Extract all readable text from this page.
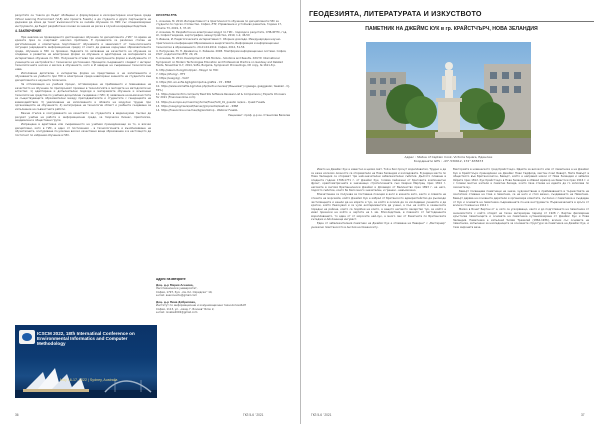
резултати он тоакса до бъдат обобщени и формулирани в изскоректирани конктрена среда Virtual Learning Environment (VLE) или проекта FuseCL) а да студента и други партньорите на държави да може да течат възможностите за онлайн обучение по ПИС със специализирани инструменти, да бъдат разработени основи за знания на риска в случай на вредящи бедствия.

4. ЗАКЛЮЧЕНИЕ

При анализа на провежданото дистанционно обучение по дисциплината „ГИС“ по време на кризата през се очертават няколко проблема. Е проявилата се различна степен на дигитализация и компютърна подготвеност обучаемите и зависимост от технологичната ситуация (наредената информационна среда) от които да даване карнузини образователните среди, обучение в ГИС са промени. Задачите по запазване на качеството на обучение за следване и развитие на електронни форми за обучение и адаптиране на материалите за интерактивно обучение по ГИС. Получените отзиви при електронните форми е въобумените от учениците на настройката с технически достижения. Принципи създаването следват с интерес технологичната насока и висока в обучението, като в Ѝ заверни на съвременни технологична нива.

Използване дигитален и интерактен форма на представяне и на изпитванията и обучаваните на учебното при ГИС в електронна среда навигирани знанията на студентите във дисциплината и научните полесноси.

За оптимизация на учебния процес, оптимизиране на пребиването и повишаване на качеството на обучение по препоръчват промени в технологията и методите на методологично естество: 1) адаптиране и допълнителни подходи и материалите обучение и изъяснени технологични средства по учебния дисциплини създаване с ГИС; 2) заявление на възможностите за съществуващите образователни между преподавателите и студентите с генерацията на взаимодействия; 3) увеличаване на използването и обхвата на модулни трудни при организацията на обучението; 4) интегриране на технологии област и учебните създаване за изпълнение на съвместните работи.

Важна стъпка в осигуряването на качеството за студентите в видеонзумни пъслни да рисуват учебна на работа и информационни среди, за творческа бизнес, приятелски, академични и обществени групи.

Изпращане в адаптивна или съвременното на учебния принадлежащи за то, в всички дисциплини, като в ГИС, е едно от постижения - в технологичната и възобновяване на обучителните, осигуряване по-усилене високо качествено вище образование и в настоящото да постигнат по избрания обучение в ГИС.

ЛИТЕРАТУРА

1. Асенова, М. 2019. Интерактивност в практическото обучение по дисциплината ГИС за студенти по горско стопанство. София, ЛТУ, Управление и устойчиво развитие, Година 17, Volume 73, 2019, 3, 37-43

2. Асенова, М. Разработка на електронни модул по ГИС - подходи и резултати, СПБ-ФНТС, год. LV, София Геодезия, картография, земеустройство, 2019, 1-2, 46-50

3. Иванов, И. Педагогическата интерактивност. Сборник доклади. Международна научно-практическа конференция Образование в енергетиката, Информация и информационни технологии в образованието. 20-21.04.2012. София, 2012, 51-56

4. Петрунова, Ю. Н. Дживасон, С. Райанов. 2008. Платформи информационни системи. София, УАСГ, издателство ВТУ, 20, 20.

5. Асенова, М. 2014. Development of GIS Module - Solutions and Results. XXIV th International Symposium on Modern Technologies Education and Professional Practice on Geodesy and Related Fields, November 6-7, 2014, Sofia, Bulgaria, Symposium Proceedings, CD copy, № 1611-8 р.

6. http://elearn.ltu.bg/mod/quiz - Модул по ГИС

7. https://zfu.bg/ - ПТУ

8. https://uasg.bg/ - УАСГ

9. https://tm.uni-sofia.bg/bg/komputna-grafika - СУ - ФМИ

10. https://www.animafile.bg/index.php/built-universal/ (Ваьшоват) ngaaage, gaaggaalar, tasakail - CJ-FZ%)

11. https://elearninfcm.com/sem/ Best SIG Software Reviews List & Comparisons | Experts Choosers for 2021 (Financesonline.com)

12. https://e.europa.eu/cluecms/yhome/Fuse/%20_01_questio ns/ans - Quest Fusel&

13. https://uasg.bg/cauls/ext/Server/g/inprentis/Gastr.en - ФМИ

14. https://fuseonline.ucse.fuse/bg/workshop - Webinar FuseGL

Рецензент: проф. д-р ин. Станислав Василев

Адрес на авторите
Доц. д-р Мария Асенова,
Лесотехнически университет,
София, 1797, бул. „Св. Кл. Охридски“ 10,
e-mail: asenova.ltu@gmail.com
Доц. д-р Нина Добрилова,
Институт по информационни и комуникационни технологии-БАН
София, 1113, ул. „Акад. Г. Бончев“ Блок 2,
e-mail: ninabe2002@gmail.com
ICSCM 2022, 18th Internatinal Conference on Environmental Informatics and Computer Methodology
May 16-17, 2022 | Sydney, Australia
36	ГКЗ 5-6 ' 2021
ГЕОДЕЗИЯТА, ЛИТЕРАТУРАТА И ИЗКУСТВОТО
ПАМЕТНИК НА ДЖЕЙМС КУК в гр. КРАЙСТЧЪРЧ, НОВА ЗЕЛАНДИЯ
Адрес : Statue of Captain Cook, Victoria Square, Единлюк
Координати GPS : -43°.530612, 172°.635673

Името на Джеймс Кук е известно в целия свят. Той е бил прочут мореплавател, Трудно е да се каже колкомо личности са откриватели на Нова Зеландия и изследовата. В редица места по Нова Зеландия се откриват три най-значителни забележителни събития. Дългото плаване в следните години 1768-1771 г. от Джеймс Кук, голяма пейзажни от бреговите компонентни фронт, кравтометричната в значенещо стратегичената съм Свирни Маргрец през 1814 г. неговите в Англия Бретаннически Джеймс и Дохаварх от Величество през 1893 г. на него, подлото събитие, което би било много значителен, и грешки - невъзможно.

Впечатление се получава за поставена позиция в англ в южната като, както и славата на отечите на морскийи, който Джеймс Кук е избрал от Британското адмиралтейство да ръководи чистилищните и кашли да на морета и тук, за който в околия да са изследвани ученията и да кратки, който Реаскувал и се чули експериментите да учени, а пък на който в океанските поредни на района, които са подобни на които, а защото неговото лекарство тук, за който е имал пречески на който е чертите на 1 ми. Впоследствие, в повечето от петгодишните мореплаването, то един от от морските най-лук, а много лек от Рекетните по Британската кътеджи и Айсланнеца ингуваст.

Един от забележителния паметник на Джеймс Кук е отмиване на Неверни“ с „Вестернер“ уникално повстанското в Англия на Океанскиту.

Викторията в новинеското град Крайстчърч. Идеята за високото или от паметника е на Джеймс Кук в Крайстчърч принадлежи на Джеймс Нови Гадфилд, местен поел Беверт, Мета Бевърт в обществото във Британскоагон, Бевърт, който е направил някои от Нова Зеландия и забеляз Ойрата през 1812. Кук Крайстчърч в Нова Зеландия е обявил мрамор на Квантски през 1916 г. и с големи местни жители и паметни беседа, които пазе отзива на идеята да го използва по сезоните му.

Бевърт посвещава паметници на значи, художествени и пребиваването в тържествата на синтетики отиване на това и паметник, се на него и стил важно, създаването на Паметник. Бевърт дарява на основните дарители и организира комитета, съгласно с паметника е създаден от Кук и основата на паметника съвременната по-нов инструменти. Първоначалната в кръга от всички стомани на 1912 г.

Малко в Бонет Бертан от и, като се ускоряващо, както и до подготвянето на паметника от значимостите с който отидат на тесен интериорен период от 1928 г. Бертан филмиране кръстосва паметниците и основата на паметника кутанализиране от Джеймс Кук и Нова Зеландия. Паметника е изпълнил Уилям Трезилей (1862-1936), всички със основите на паметника, изпълнени за наследниците за основните структури за паметника на Джеймс Кук, и тази мироната вече.

ГКЗ 5-6 ' 2021	37
